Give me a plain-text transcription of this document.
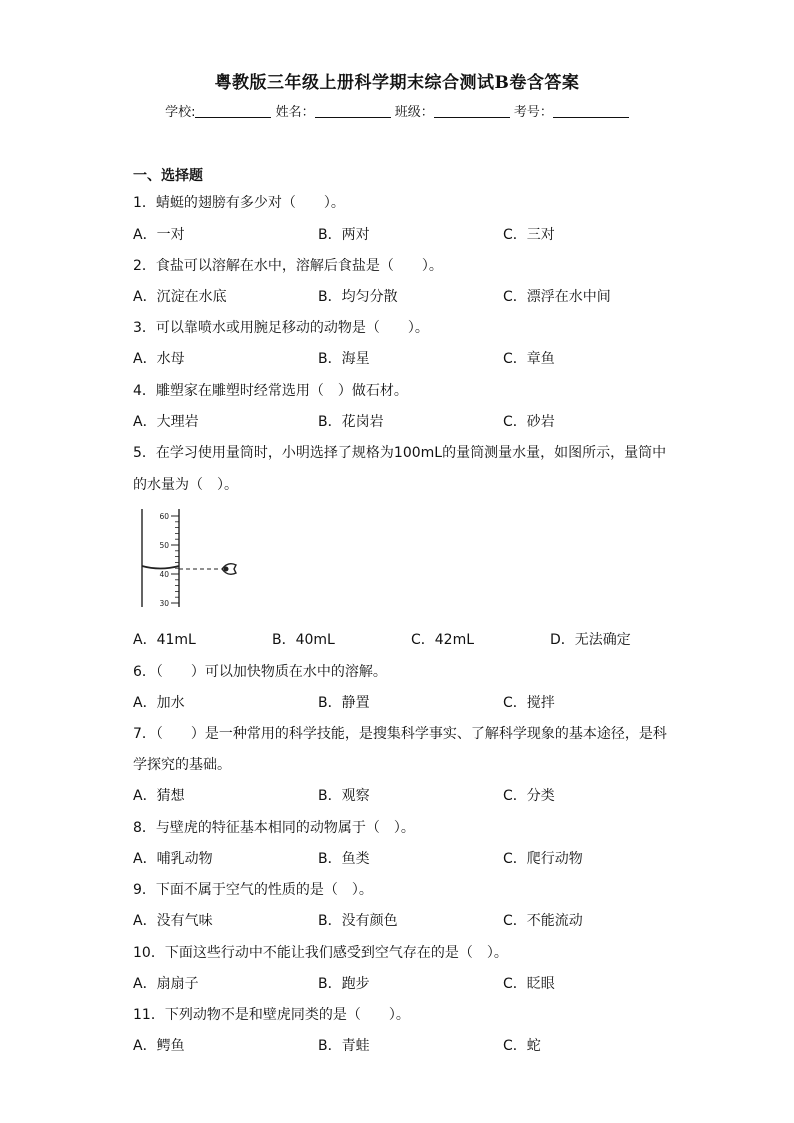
粤教版三年级上册科学期末综合测试B卷含答案
学校:	姓名：	班级：	考号：
一、选择题
1．蜻蜓的翅膀有多少对（　　）。
A．一对	B．两对	C．三对
2．食盐可以溶解在水中，溶解后食盐是（　　）。
A．沉淀在水底	B．均匀分散	C．漂浮在水中间
3．可以靠喷水或用腕足移动的动物是（　　）。
A．水母	B．海星	C．章鱼
4．雕塑家在雕塑时经常选用（　）做石材。
A．大理岩	B．花岗岩	C．砂岩
5．在学习使用量筒时，小明选择了规格为100mL的量筒测量水量，如图所示，量筒中
的水量为（　）。
60
50
40
30
A．41mL	B．40mL	C．42mL	D．无法确定
6．（　　）可以加快物质在水中的溶解。
A．加水	B．静置	C．搅拌
7．（　　）是一种常用的科学技能，是搜集科学事实、了解科学现象的基本途径，是科
学探究的基础。
A．猜想	B．观察	C．分类
8．与壁虎的特征基本相同的动物属于（　）。
A．哺乳动物	B．鱼类	C．爬行动物
9．下面不属于空气的性质的是（　）。
A．没有气味	B．没有颜色	C．不能流动
10．下面这些行动中不能让我们感受到空气存在的是（　）。
A．扇扇子	B．跑步	C．眨眼
11．下列动物不是和壁虎同类的是（　　）。
A．鳄鱼	B．青蛙	C．蛇
